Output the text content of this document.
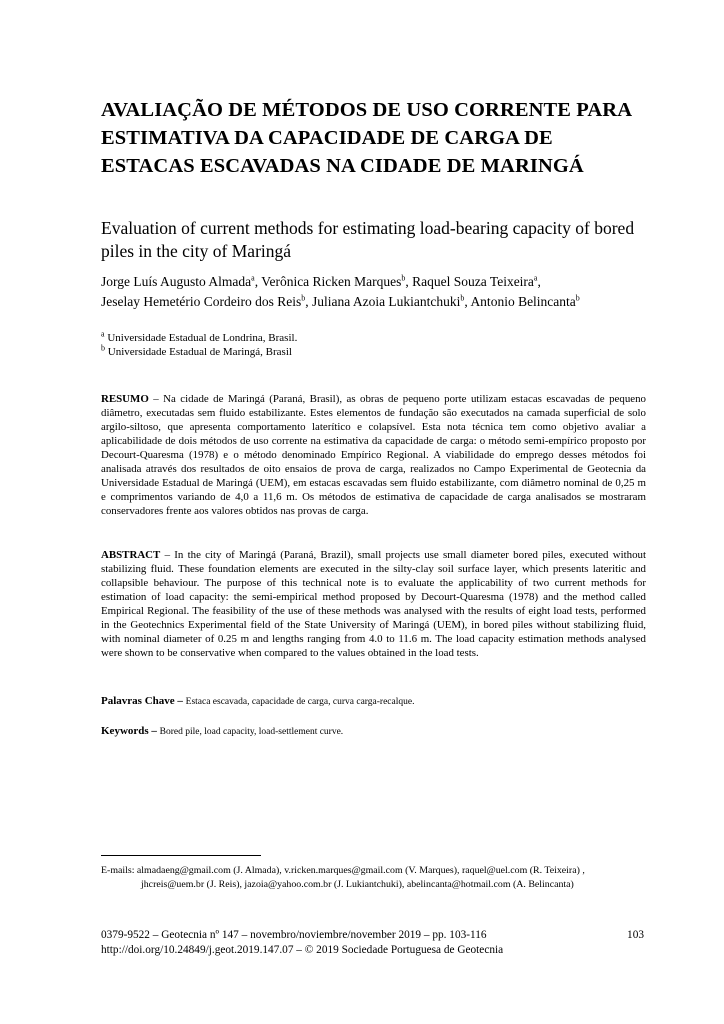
AVALIAÇÃO DE MÉTODOS DE USO CORRENTE PARA ESTIMATIVA DA CAPACIDADE DE CARGA DE ESTACAS ESCAVADAS NA CIDADE DE MARINGÁ

Evaluation of current methods for estimating load-bearing capacity of bored piles in the city of Maringá

Jorge Luís Augusto Almada$^a$, Verônica Ricken Marques$^b$, Raquel Souza Teixeira$^a$,
Jeselay Hemetério Cordeiro dos Reis$^b$, Juliana Azoia Lukiantchuki$^b$, Antonio Belincanta$^b$

$^a$ Universidade Estadual de Londrina, Brasil.
$^b$ Universidade Estadual de Maringá, Brasil

RESUMO – Na cidade de Maringá (Paraná, Brasil), as obras de pequeno porte utilizam estacas escavadas de pequeno diâmetro, executadas sem fluido estabilizante. Estes elementos de fundação são executados na camada superficial de solo argilo-siltoso, que apresenta comportamento laterítico e colapsível. Esta nota técnica tem como objetivo avaliar a aplicabilidade de dois métodos de uso corrente na estimativa da capacidade de carga: o método semi-empírico proposto por Decourt-Quaresma (1978) e o método denominado Empírico Regional. A viabilidade do emprego desses métodos foi analisada através dos resultados de oito ensaios de prova de carga, realizados no Campo Experimental de Geotecnia da Universidade Estadual de Maringá (UEM), em estacas escavadas sem fluido estabilizante, com diâmetro nominal de 0,25 m e comprimentos variando de 4,0 a 11,6 m. Os métodos de estimativa de capacidade de carga analisados se mostraram conservadores frente aos valores obtidos nas provas de carga.

ABSTRACT – In the city of Maringá (Paraná, Brazil), small projects use small diameter bored piles, executed without stabilizing fluid. These foundation elements are executed in the silty-clay soil surface layer, which presents lateritic and collapsible behaviour. The purpose of this technical note is to evaluate the applicability of two current methods for estimation of load capacity: the semi-empirical method proposed by Decourt-Quaresma (1978) and the method called Empirical Regional. The feasibility of the use of these methods was analysed with the results of eight load tests, performed in the Geotechnics Experimental field of the State University of Maringá (UEM), in bored piles without stabilizing fluid, with nominal diameter of 0.25 m and lengths ranging from 4.0 to 11.6 m. The load capacity estimation methods analysed were shown to be conservative when compared to the values obtained in the load tests.

Palavras Chave – Estaca escavada, capacidade de carga, curva carga-recalque.
Keywords – Bored pile, load capacity, load-settlement curve.
E-mails: almadaeng@gmail.com (J. Almada), v.ricken.marques@gmail.com (V. Marques), raquel@uel.com (R. Teixeira) ,
jhcreis@uem.br (J. Reis), jazoia@yahoo.com.br (J. Lukiantchuki), abelincanta@hotmail.com (A. Belincanta)
0379-9522 – Geotecnia nº 147 – novembro/noviembre/november 2019 – pp. 103-116
http://doi.org/10.24849/j.geot.2019.147.07 – © 2019 Sociedade Portuguesa de Geotecnia
103
